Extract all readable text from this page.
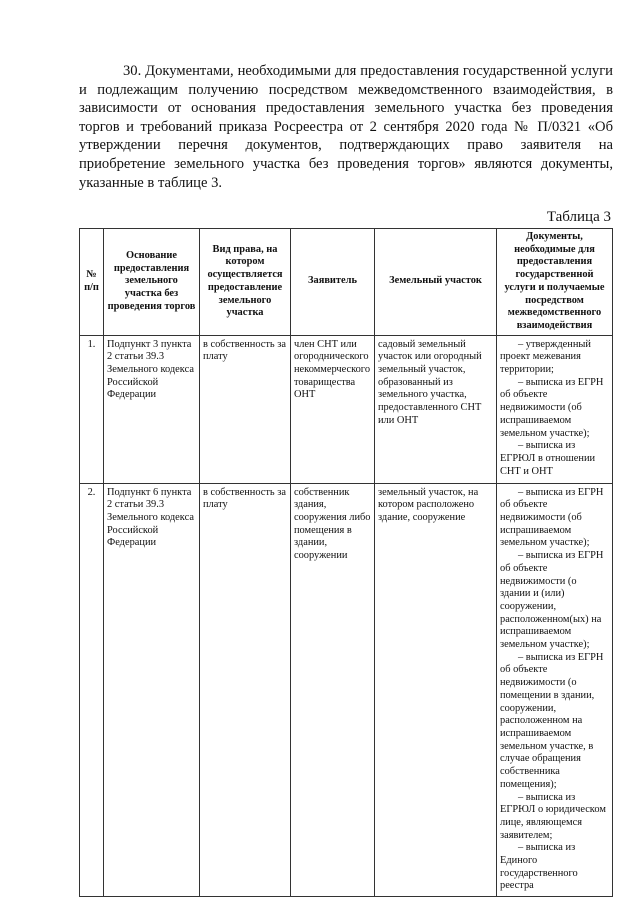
30. Документами, необходимыми для предоставления государственной услуги и подлежащим получению посредством межведомственного взаимодействия, в зависимости от основания предоставления земельного участка без проведения торгов и требований приказа Росреестра от 2 сентября 2020 года № П/0321 «Об утверждении перечня документов, подтверждающих право заявителя на приобретение земельного участка без проведения торгов» являются документы, указанные в таблице 3.
Таблица 3
№ п/п	Основание предоставления земельного участка без проведения торгов	Вид права, на котором осуществляется предоставление земельного участка	Заявитель	Земельный участок	Документы, необходимые для предоставления государственной услуги и получаемые посредством межведомственного взаимодействия
1.	Подпункт 3 пункта 2 статьи 39.3 Земельного кодекса Российской Федерации	в собственность за плату	член СНТ или огороднического некоммерческого товарищества ОНТ	садовый земельный участок или огородный земельный участок, образованный из земельного участка, предоставленного СНТ или ОНТ	– утвержденный проект межевания территории;
– выписка из ЕГРН об объекте недвижимости (об испрашиваемом земельном участке);
– выписка из ЕГРЮЛ в отношении СНТ и ОНТ

2.	Подпункт 6 пункта 2 статьи 39.3 Земельного кодекса Российской Федерации	в собственность за плату	собственник здания, сооружения либо помещения в здании, сооружении	земельный участок, на котором расположено здание, сооружение	– выписка из ЕГРН об объекте недвижимости (об испрашиваемом земельном участке);
– выписка из ЕГРН об объекте недвижимости (о здании и (или) сооружении, расположенном(ых) на испрашиваемом земельном участке);
– выписка из ЕГРН об объекте недвижимости (о помещении в здании, сооружении, расположенном на испрашиваемом земельном участке, в случае обращения собственника помещения);
– выписка из ЕГРЮЛ о юридическом лице, являющемся заявителем;
– выписка из Единого государственного реестра
